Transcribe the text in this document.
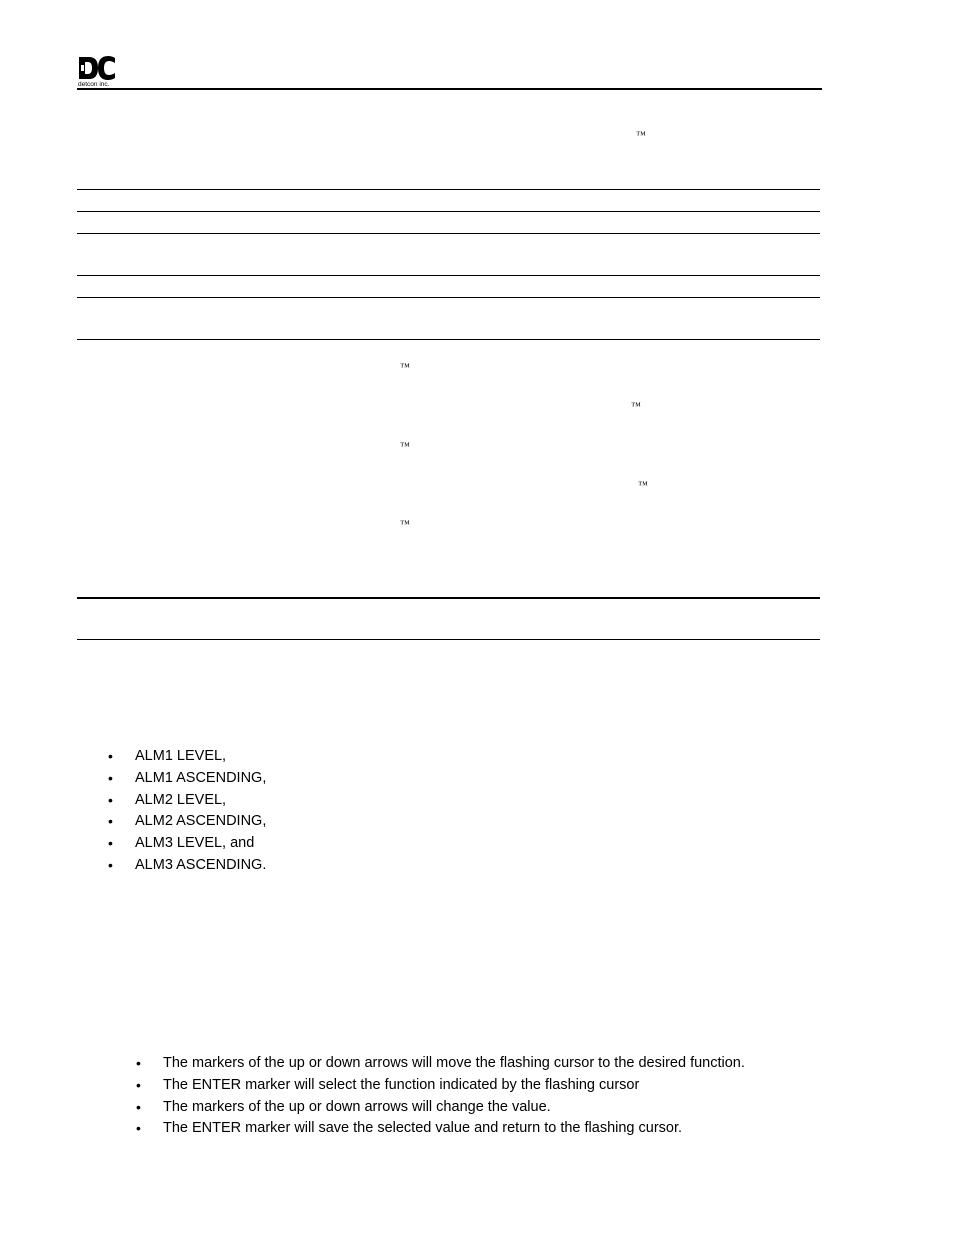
detcon inc.
™
™
™
™
™
™
• ALM1 LEVEL,
• ALM1 ASCENDING,
• ALM2 LEVEL,
• ALM2 ASCENDING,
• ALM3 LEVEL, and
• ALM3 ASCENDING.
• The markers of the up or down arrows will move the flashing cursor to the desired function.
• The ENTER marker will select the function indicated by the flashing cursor
• The markers of the up or down arrows will change the value.
• The ENTER marker will save the selected value and return to the flashing cursor.
